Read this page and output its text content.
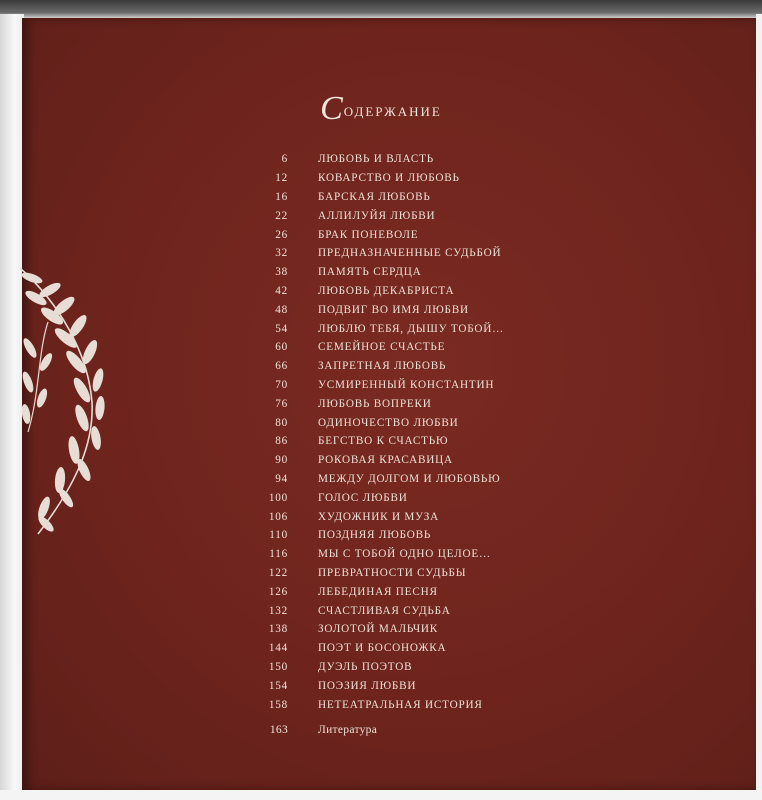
Содержание
6	ЛЮБОВЬ И ВЛАСТЬ
12	КОВАРСТВО И ЛЮБОВЬ
16	БАРСКАЯ ЛЮБОВЬ
22	АЛЛИЛУЙЯ ЛЮБВИ
26	БРАК ПОНЕВОЛЕ
32	ПРЕДНАЗНАЧЕННЫЕ СУДЬБОЙ
38	ПАМЯТЬ СЕРДЦА
42	ЛЮБОВЬ ДЕКАБРИСТА
48	ПОДВИГ ВО ИМЯ ЛЮБВИ
54	ЛЮБЛЮ ТЕБЯ, ДЫШУ ТОБОЙ…
60	СЕМЕЙНОЕ СЧАСТЬЕ
66	ЗАПРЕТНАЯ ЛЮБОВЬ
70	УСМИРЕННЫЙ КОНСТАНТИН
76	ЛЮБОВЬ ВОПРЕКИ
80	ОДИНОЧЕСТВО ЛЮБВИ
86	БЕГСТВО К СЧАСТЬЮ
90	РОКОВАЯ КРАСАВИЦА
94	МЕЖДУ ДОЛГОМ И ЛЮБОВЬЮ
100	ГОЛОС ЛЮБВИ
106	ХУДОЖНИК И МУЗА
110	ПОЗДНЯЯ ЛЮБОВЬ
116	МЫ С ТОБОЙ ОДНО ЦЕЛОЕ…
122	ПРЕВРАТНОСТИ СУДЬБЫ
126	ЛЕБЕДИНАЯ ПЕСНЯ
132	СЧАСТЛИВАЯ СУДЬБА
138	ЗОЛОТОЙ МАЛЬЧИК
144	ПОЭТ И БОСОНОЖКА
150	ДУЭЛЬ ПОЭТОВ
154	ПОЭЗИЯ ЛЮБВИ
158	НЕТЕАТРАЛЬНАЯ ИСТОРИЯ
163	Литература
